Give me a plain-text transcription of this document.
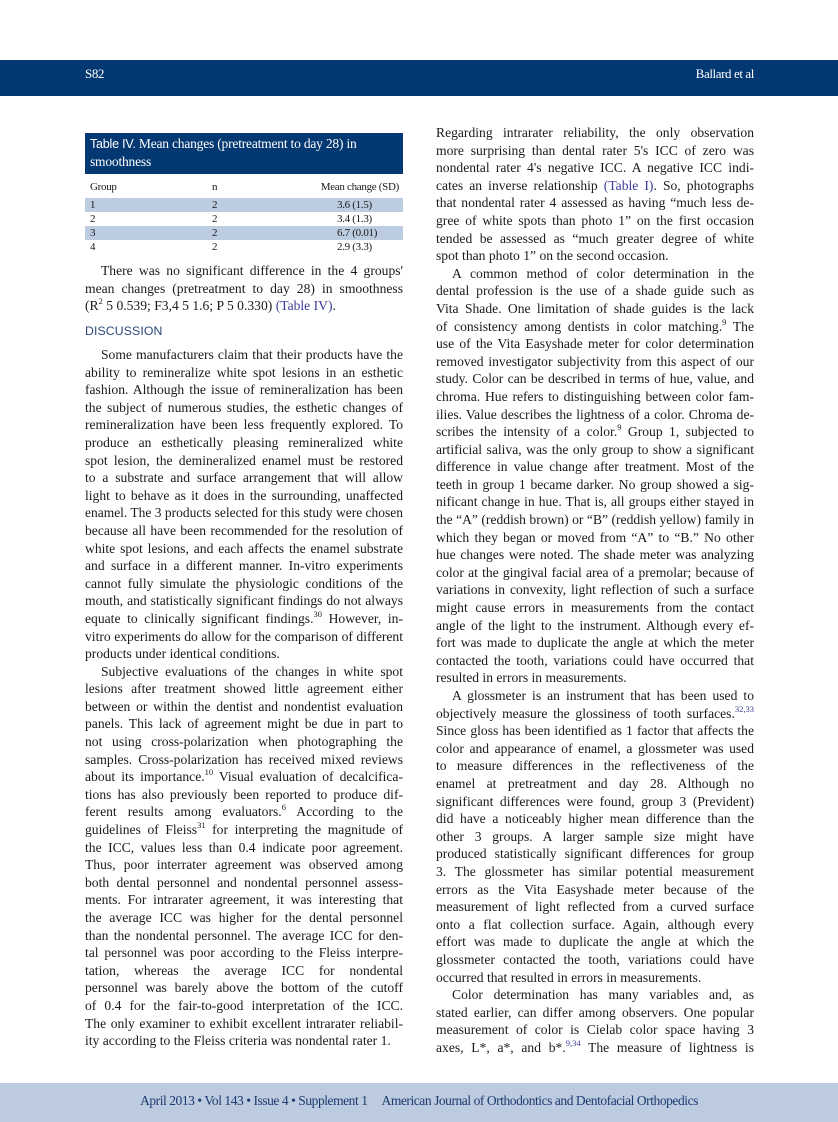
S82	Ballard et al
Table IV. Mean changes (pretreatment to day 28) in smoothness
Group	n	Mean change (SD)
1	2	3.6 (1.5)
2	2	3.4 (1.3)
3	2	6.7 (0.01)
4	2	2.9 (3.3)
There was no significant difference in the 4 groups'
mean changes (pretreatment to day 28) in smoothness
($R^2$ 5 0.539; F3,4 5 1.6; P 5 0.330) (Table IV).
DISCUSSION
Some manufacturers claim that their products have the
ability to remineralize white spot lesions in an esthetic
fashion. Although the issue of remineralization has been
the subject of numerous studies, the esthetic changes of
remineralization have been less frequently explored. To
produce an esthetically pleasing remineralized white
spot lesion, the demineralized enamel must be restored
to a substrate and surface arrangement that will allow
light to behave as it does in the surrounding, unaffected
enamel. The 3 products selected for this study were chosen
because all have been recommended for the resolution of
white spot lesions, and each affects the enamel substrate
and surface in a different manner. In-vitro experiments
cannot fully simulate the physiologic conditions of the
mouth, and statistically significant findings do not always
equate to clinically significant findings.$^{30}$ However, in-
vitro experiments do allow for the comparison of different
products under identical conditions.
Subjective evaluations of the changes in white spot
lesions after treatment showed little agreement either
between or within the dentist and nondentist evaluation
panels. This lack of agreement might be due in part to
not using cross-polarization when photographing the
samples. Cross-polarization has received mixed reviews
about its importance.$^{10}$ Visual evaluation of decalcifica-
tions has also previously been reported to produce dif-
ferent results among evaluators.$^6$ According to the
guidelines of Fleiss$^{31}$ for interpreting the magnitude of
the ICC, values less than 0.4 indicate poor agreement.
Thus, poor interrater agreement was observed among
both dental personnel and nondental personnel assess-
ments. For intrarater agreement, it was interesting that
the average ICC was higher for the dental personnel
than the nondental personnel. The average ICC for den-
tal personnel was poor according to the Fleiss interpre-
tation, whereas the average ICC for nondental
personnel was barely above the bottom of the cutoff
of 0.4 for the fair-to-good interpretation of the ICC.
The only examiner to exhibit excellent intrarater reliabil-
ity according to the Fleiss criteria was nondental rater 1.
Regarding intrarater reliability, the only observation
more surprising than dental rater 5's ICC of zero was
nondental rater 4's negative ICC. A negative ICC indi-
cates an inverse relationship (Table I). So, photographs
that nondental rater 4 assessed as having “much less de-
gree of white spots than photo 1” on the first occasion
tended be assessed as “much greater degree of white
spot than photo 1” on the second occasion.
A common method of color determination in the
dental profession is the use of a shade guide such as
Vita Shade. One limitation of shade guides is the lack
of consistency among dentists in color matching.$^9$ The
use of the Vita Easyshade meter for color determination
removed investigator subjectivity from this aspect of our
study. Color can be described in terms of hue, value, and
chroma. Hue refers to distinguishing between color fam-
ilies. Value describes the lightness of a color. Chroma de-
scribes the intensity of a color.$^9$ Group 1, subjected to
artificial saliva, was the only group to show a significant
difference in value change after treatment. Most of the
teeth in group 1 became darker. No group showed a sig-
nificant change in hue. That is, all groups either stayed in
the “A” (reddish brown) or “B” (reddish yellow) family in
which they began or moved from “A” to “B.” No other
hue changes were noted. The shade meter was analyzing
color at the gingival facial area of a premolar; because of
variations in convexity, light reflection of such a surface
might cause errors in measurements from the contact
angle of the light to the instrument. Although every ef-
fort was made to duplicate the angle at which the meter
contacted the tooth, variations could have occurred that
resulted in errors in measurements.
A glossmeter is an instrument that has been used to
objectively measure the glossiness of tooth surfaces.$^{32,33}$
Since gloss has been identified as 1 factor that affects the
color and appearance of enamel, a glossmeter was used
to measure differences in the reflectiveness of the
enamel at pretreatment and day 28. Although no
significant differences were found, group 3 (Prevident)
did have a noticeably higher mean difference than the
other 3 groups. A larger sample size might have
produced statistically significant differences for group
3. The glossmeter has similar potential measurement
errors as the Vita Easyshade meter because of the
measurement of light reflected from a curved surface
onto a flat collection surface. Again, although every
effort was made to duplicate the angle at which the
glossmeter contacted the tooth, variations could have
occurred that resulted in errors in measurements.
Color determination has many variables and, as
stated earlier, can differ among observers. One popular
measurement of color is Cielab color space having 3
axes, L*, a*, and b*.$^{9,34}$ The measure of lightness is
April 2013 • Vol 143 • Issue 4 • Supplement 1 American Journal of Orthodontics and Dentofacial Orthopedics
